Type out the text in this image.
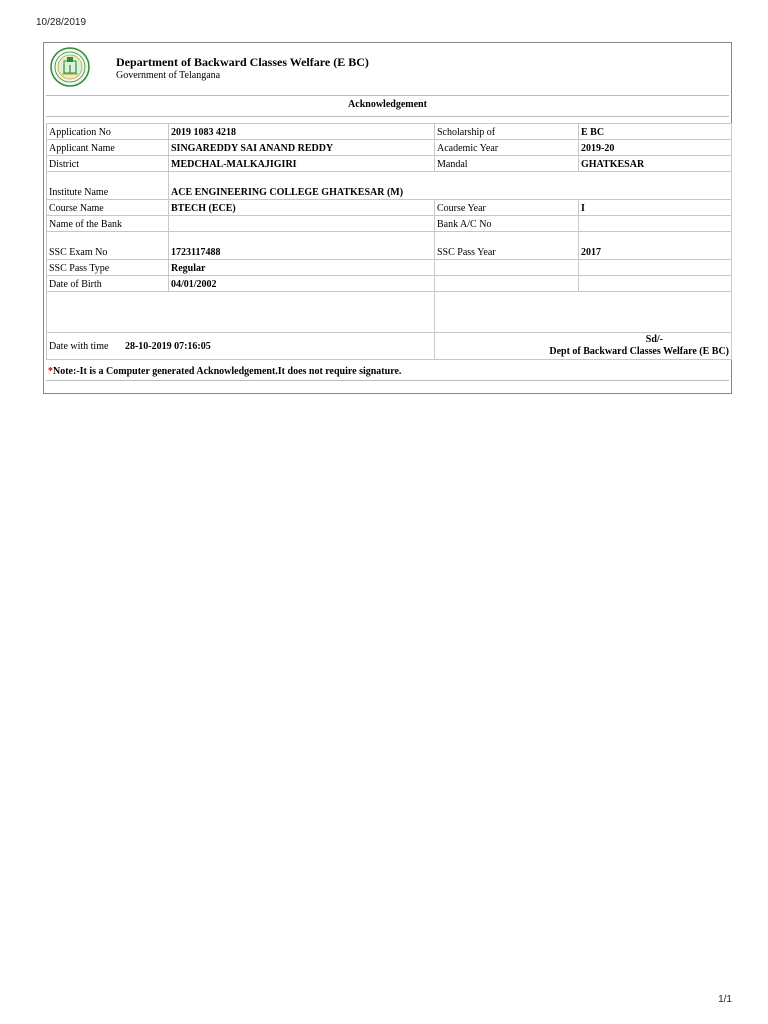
10/28/2019
Department of Backward Classes Welfare (E BC)
Government of Telangana
Acknowledgement
Application No	2019 1083 4218	Scholarship of	E BC
Applicant Name	SINGAREDDY SAI ANAND REDDY	Academic Year	2019-20
District	MEDCHAL-MALKAJIGIRI	Mandal	GHATKESAR
Institute Name	ACE ENGINEERING COLLEGE GHATKESAR (M)		
Course Name	BTECH (ECE)	Course Year	I
Name of the Bank		Bank A/C No	
SSC Exam No	1723117488	SSC Pass Year	2017
SSC Pass Type	Regular		
Date of Birth	04/01/2002		

Date with time 28-10-2019 07:16:05		Sd/-
Dept of Backward Classes Welfare (E BC)	
*Note:-It is a Computer generated Acknowledgement.It does not require signature.
1/1
